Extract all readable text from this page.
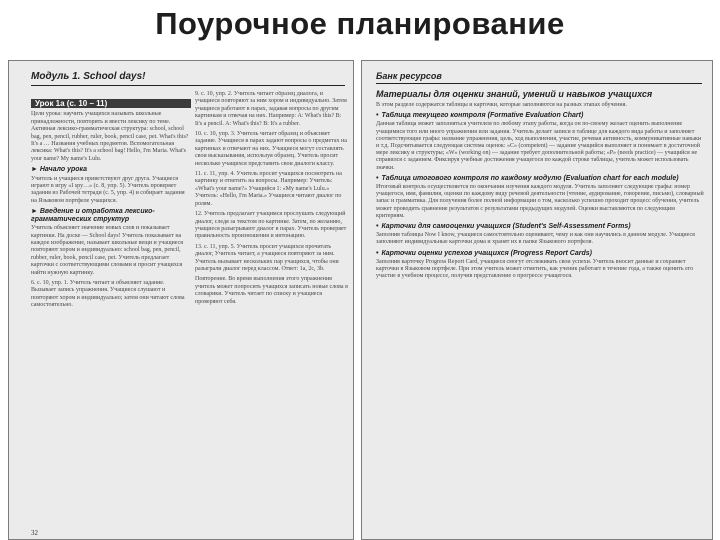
Поурочное планирование
Модуль 1. School days!
Урок 1а (с. 10 – 11)

Цели урока: научить учащихся называть школьные принадлежности, повторить и ввести лексику по теме. Активная лексико-грамматическая структура: school, school bag, pen, pencil, rubber, ruler, book, pencil case, pet. What's this? It's a … Названия учебных предметов. Вспомогательная лексика: What's this? It's a school bag! Hello, I'm Maria. What's your name? My name's Lulu.

► Начало урока

Учитель и учащиеся приветствуют друг друга. Учащиеся играют в игру «I spy…» (с. 8, упр. 5). Учитель проверяет задания из Рабочей тетради (с. 5, упр. 4) и собирает задания на Языковом портфеле учащихся.

► Введение и отработка лексико-грамматических структур

Учитель объясняет значение новых слов и показывает картинки. На доске — School days! Учитель показывает на каждое изображение, называет школьные вещи и учащиеся повторяют хором и индивидуально: school bag, pen, pencil, rubber, ruler, book, pencil case, pet. Учитель предлагает карточки с соответствующими словами и просит учащихся найти нужную картинку.

6. с. 10, упр. 1. Учитель читает и объясняет задание. Вызывает запись упражнения. Учащиеся слушают и повторяют хором и индивидуально; затем они читают слова самостоятельно.

9. с. 10, упр. 2. Учитель читает образец диалога, и учащиеся повторяют за ним хором и индивидуально. Затем учащиеся работают в парах, задавая вопросы по другим картинкам и отвечая на них. Например: A: What's this? B: It's a pencil. A: What's this? B: It's a rubber.

10. с. 10, упр. 3. Учитель читает образец и объясняет задание. Учащиеся в парах задают вопросы о предметах на картинках и отвечают на них. Учащиеся могут составлять свои высказывания, используя образец. Учитель просит несколько учащихся представить свои диалоги классу.

11. с. 11, упр. 4. Учитель просит учащихся посмотреть на картинку и ответить на вопросы. Например: Учитель: «What's your name?» Учащийся 1: «My name's Lulu.» Учитель: «Hello, I'm Maria.» Учащиеся читают диалог по ролям.

12. Учитель предлагает учащимся прослушать следующий диалог, следя за текстом по картинке. Затем, по желанию, учащиеся разыгрывают диалог в парах. Учитель проверяет правильность произношения и интонацию.

13. с. 11, упр. 5. Учитель просит учащихся прочитать диалог, Учитель читает, а учащиеся повторяют за ним. Учитель вызывает нескольких пар учащихся, чтобы они разыграли диалог перед классом. Ответ: 1а, 2с, 3b.

Повторение. Во время выполнения этого упражнения учитель может попросить учащихся записать новые слова в словарики. Учитель читает по списку и учащиеся проверяют себя.

32
Банк ресурсов
Материалы для оценки знаний, умений и навыков учащихся

В этом разделе содержатся таблицы и карточки, которые заполняются на разных этапах обучения.

• Таблица текущего контроля (Formative Evaluation Chart)

Данная таблица может заполняться учителем по любому этапу работы, когда он по-своему желает оценить выполнение учащимися того или иного упражнения или задания. Учитель делает записи в таблице для каждого вида работы и заполняет соответствующие графы: название упражнения, цель, ход выполнения, участие, речевая активность, коммуникативные навыки и т.д. Подсчитывается следующая система оценок: «C» (competent) — задание учащийся выполняет и понимает в достаточной мере лексику и структуры; «W» (working on) — задание требует дополнительной работы; «P» (needs practice) — учащийся не справился с заданием. Фиксируя учебные достижения учащегося по каждой строке таблицы, учитель может использовать значки.

• Таблица итогового контроля по каждому модулю (Evaluation chart for each module)

Итоговый контроль осуществляется по окончании изучения каждого модуля. Учитель заполняет следующие графы: номер учащегося, имя, фамилия, оценки по каждому виду речевой деятельности (чтение, аудирование, говорение, письмо), словарный запас и грамматика. Для получения более полной информации о том, насколько успешно проходит процесс обучения, учитель может проводить сравнение результатов с результатами предыдущих модулей. Оценки выставляются по следующим критериям.

• Карточки для самооценки учащихся (Student's Self-Assessment Forms)

Заполнив таблицы Now I know, учащиеся самостоятельно оценивают, чему и как они научились в данном модуле. Учащиеся заполняют индивидуальные карточки дома и хранят их в папке Языкового портфеля.

• Карточки оценки успехов учащихся (Progress Report Cards)

Заполнив карточку Progress Report Card, учащиеся смогут отслеживать свои успехи. Учитель вносит данные и сохраняет карточки в Языковом портфеле. При этом учитель может отметить, как ученик работает в течение года, а также оценить его участие в учебном процессе, получив представление о прогрессе учащегося.
